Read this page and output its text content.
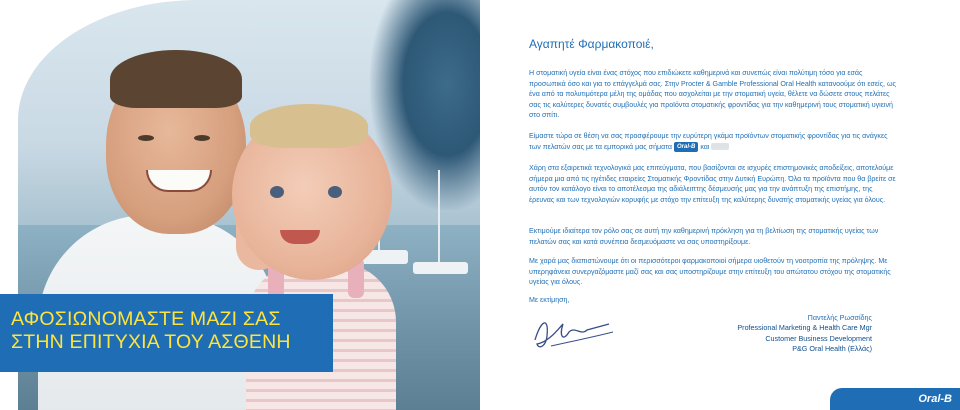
ΑΦΟΣΙΩΝΟΜΑΣΤΕ ΜΑΖΙ ΣΑΣ
ΣΤΗΝ ΕΠΙΤΥΧΙΑ ΤΟΥ ΑΣΘΕΝΗ
Αγαπητέ Φαρμακοποιέ,

Η στοματική υγεία είναι ένας στόχος που επιδιώκετε καθημερινά και συνεπώς είναι πολύτιμη τόσο για εσάς προσωπικά όσο και για το επάγγελμά σας. Στην Procter & Gamble Professional Oral Health κατανοούμε ότι εσείς, ως ένα από τα πολυτιμότερα μέλη της ομάδας που ασχολείται με την στοματική υγεία, θέλετε να δώσετε στους πελάτες σας τις καλύτερες δυνατές συμβουλές για προϊόντα στοματικής φροντίδας για την καθημερινή τους στοματική υγιεινή στο σπίτι.

Είμαστε τώρα σε θέση να σας προσφέρουμε την ευρύτερη γκάμα προϊόντων στοματικής φροντίδας για τις ανάγκες των πελατών σας με τα εμπορικά μας σήματα Oral-B και

Χάρη στα εξαιρετικά τεχνολογικά μας επιτεύγματα, που βασίζονται σε ισχυρές επιστημονικές αποδείξεις, αποτελούμε σήμερα μια από τις ηγέτιδες εταιρείες Στοματικής Φροντίδας στην Δυτική Ευρώπη. Όλα τα προϊόντα που θα βρείτε σε αυτόν τον κατάλογο είναι το αποτέλεσμα της αδιάλειπτης δέσμευσής μας για την ανάπτυξη της επιστήμης, της έρευνας και των τεχνολογιών κορυφής με στόχο την επίτευξη της καλύτερης δυνατής στοματικής υγείας για όλους.

Εκτιμούμε ιδιαίτερα τον ρόλο σας σε αυτή την καθημερινή πρόκληση για τη βελτίωση της στοματικής υγείας των πελατών σας και κατά συνέπεια δεσμευόμαστε να σας υποστηρίξουμε.

Με χαρά μας διαπιστώνουμε ότι οι περισσότεροι φαρμακοποιοί σήμερα υιοθετούν τη νοοτροπία της πρόληψης. Με υπερηφάνεια συνεργαζόμαστε μαζί σας και σας υποστηρίζουμε στην επίτευξη του απώτατου στόχου της στοματικής υγείας για όλους.

Με εκτίμηση,
Παντελής Ρωσσίδης
Professional Marketing & Health Care Mgr
Customer Business Development
P&G Oral Health (Ελλάς)
Oral-B
